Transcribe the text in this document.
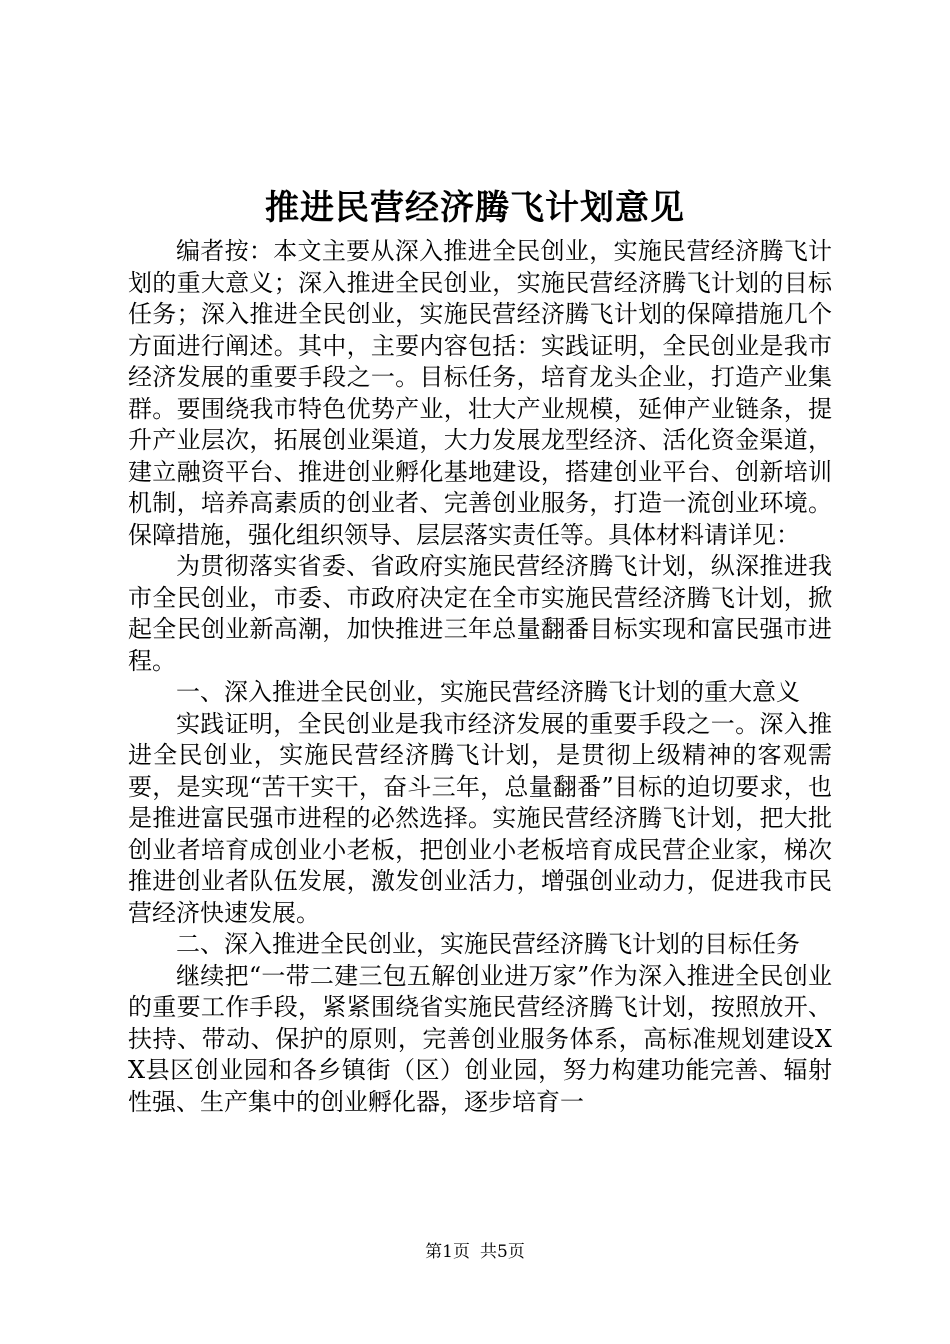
推进民营经济腾飞计划意见

编者按：本文主要从深入推进全民创业，实施民营经济腾飞计划的重大意义；深入推进全民创业，实施民营经济腾飞计划的目标任务；深入推进全民创业，实施民营经济腾飞计划的保障措施几个方面进行阐述。其中，主要内容包括：实践证明，全民创业是我市经济发展的重要手段之一。目标任务，培育龙头企业，打造产业集群。要围绕我市特色优势产业，壮大产业规模，延伸产业链条，提升产业层次，拓展创业渠道，大力发展龙型经济、活化资金渠道，建立融资平台、推进创业孵化基地建设，搭建创业平台、创新培训机制，培养高素质的创业者、完善创业服务，打造一流创业环境。保障措施，强化组织领导、层层落实责任等。具体材料请详见：

为贯彻落实省委、省政府实施民营经济腾飞计划，纵深推进我市全民创业，市委、市政府决定在全市实施民营经济腾飞计划，掀起全民创业新高潮，加快推进三年总量翻番目标实现和富民强市进程。

一、深入推进全民创业，实施民营经济腾飞计划的重大意义

实践证明，全民创业是我市经济发展的重要手段之一。深入推进全民创业，实施民营经济腾飞计划，是贯彻上级精神的客观需要，是实现“苦干实干，奋斗三年，总量翻番”目标的迫切要求，也是推进富民强市进程的必然选择。实施民营经济腾飞计划，把大批创业者培育成创业小老板，把创业小老板培育成民营企业家，梯次推进创业者队伍发展，激发创业活力，增强创业动力，促进我市民营经济快速发展。

二、深入推进全民创业，实施民营经济腾飞计划的目标任务

继续把“一带二建三包五解创业进万家”作为深入推进全民创业的重要工作手段，紧紧围绕省实施民营经济腾飞计划，按照放开、扶持、带动、保护的原则，完善创业服务体系，高标准规划建设XX县区创业园和各乡镇街（区）创业园，努力构建功能完善、辐射性强、生产集中的创业孵化器，逐步培育一

第1页 共5页
